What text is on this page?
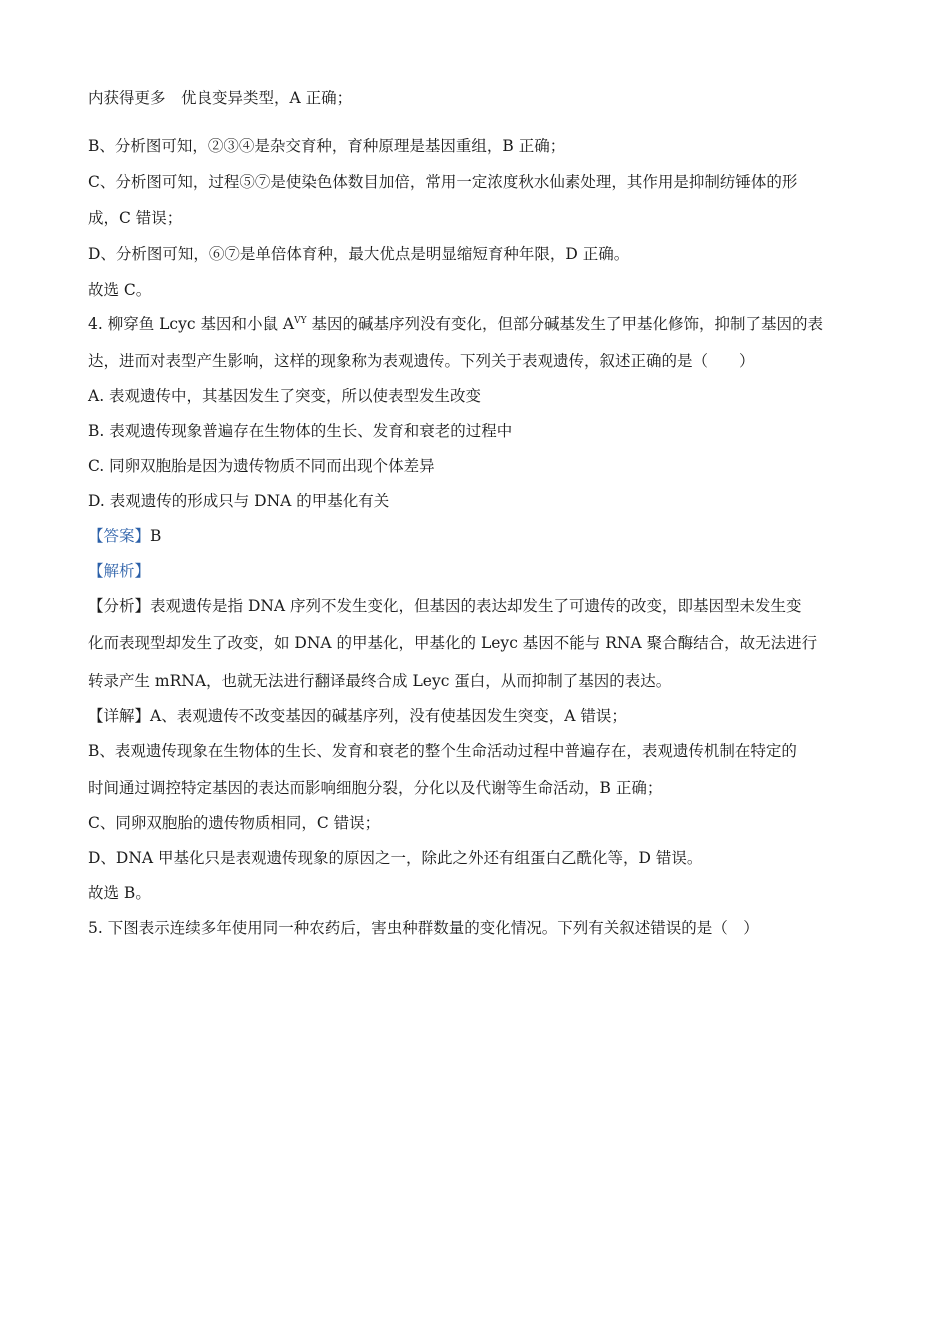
内获得更多　优良变异类型，A 正确；
B、分析图可知，②③④是杂交育种，育种原理是基因重组，B 正确；
C、分析图可知，过程⑤⑦是使染色体数目加倍，常用一定浓度秋水仙素处理，其作用是抑制纺锤体的形
成，C 错误；
D、分析图可知，⑥⑦是单倍体育种，最大优点是明显缩短育种年限，D 正确。
故选 C。
4. 柳穿鱼 Lcyc 基因和小鼠 $A^{VY}$ 基因的碱基序列没有变化，但部分碱基发生了甲基化修饰，抑制了基因的表
达，进而对表型产生影响，这样的现象称为表观遗传。下列关于表观遗传，叙述正确的是（　　）
A. 表观遗传中，其基因发生了突变，所以使表型发生改变
B. 表观遗传现象普遍存在生物体的生长、发育和衰老的过程中
C. 同卵双胞胎是因为遗传物质不同而出现个体差异
D. 表观遗传的形成只与 DNA 的甲基化有关
【答案】B
【解析】
【分析】表观遗传是指 DNA 序列不发生变化，但基因的表达却发生了可遗传的改变，即基因型未发生变
化而表现型却发生了改变，如 DNA 的甲基化，甲基化的 Leyc 基因不能与 RNA 聚合酶结合，故无法进行
转录产生 mRNA，也就无法进行翻译最终合成 Leyc 蛋白，从而抑制了基因的表达。
【详解】A、表观遗传不改变基因的碱基序列，没有使基因发生突变，A 错误；
B、表观遗传现象在生物体的生长、发育和衰老的整个生命活动过程中普遍存在，表观遗传机制在特定的
时间通过调控特定基因的表达而影响细胞分裂，分化以及代谢等生命活动，B 正确；
C、同卵双胞胎的遗传物质相同，C 错误；
D、DNA 甲基化只是表观遗传现象的原因之一，除此之外还有组蛋白乙酰化等，D 错误。
故选 B。
5. 下图表示连续多年使用同一种农药后，害虫种群数量的变化情况。下列有关叙述错误的是（　）
